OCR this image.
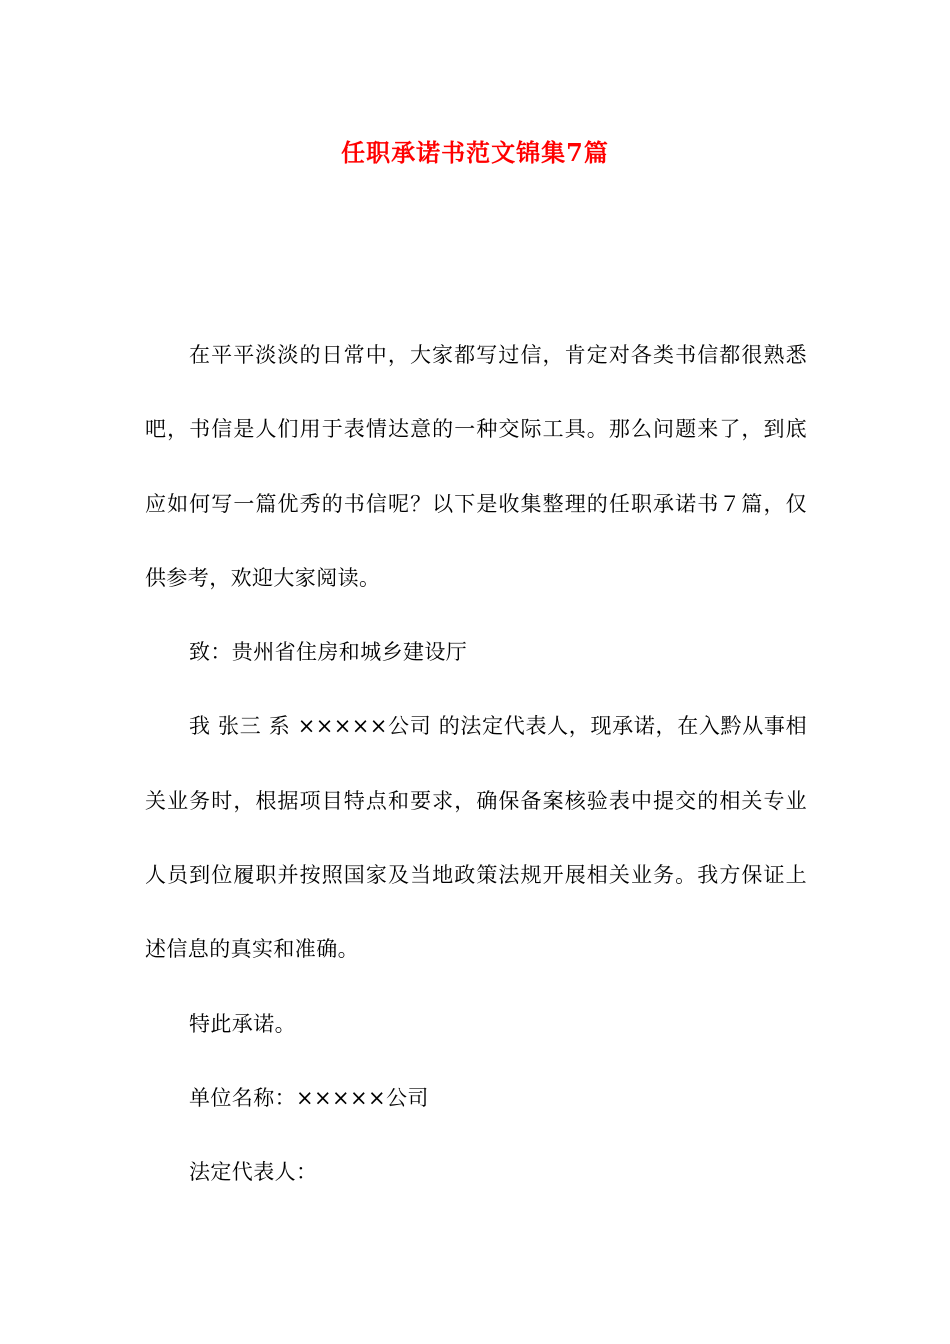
任职承诺书范文锦集7篇

在平平淡淡的日常中，大家都写过信，肯定对各类书信都很熟悉吧，书信是人们用于表情达意的一种交际工具。那么问题来了，到底应如何写一篇优秀的书信呢？以下是收集整理的任职承诺书７篇，仅供参考，欢迎大家阅读。

致：贵州省住房和城乡建设厅

我 张三 系 ×××××公司 的法定代表人，现承诺，在入黔从事相关业务时，根据项目特点和要求，确保备案核验表中提交的相关专业人员到位履职并按照国家及当地政策法规开展相关业务。我方保证上述信息的真实和准确。

特此承诺。

单位名称：×××××公司

法定代表人：
